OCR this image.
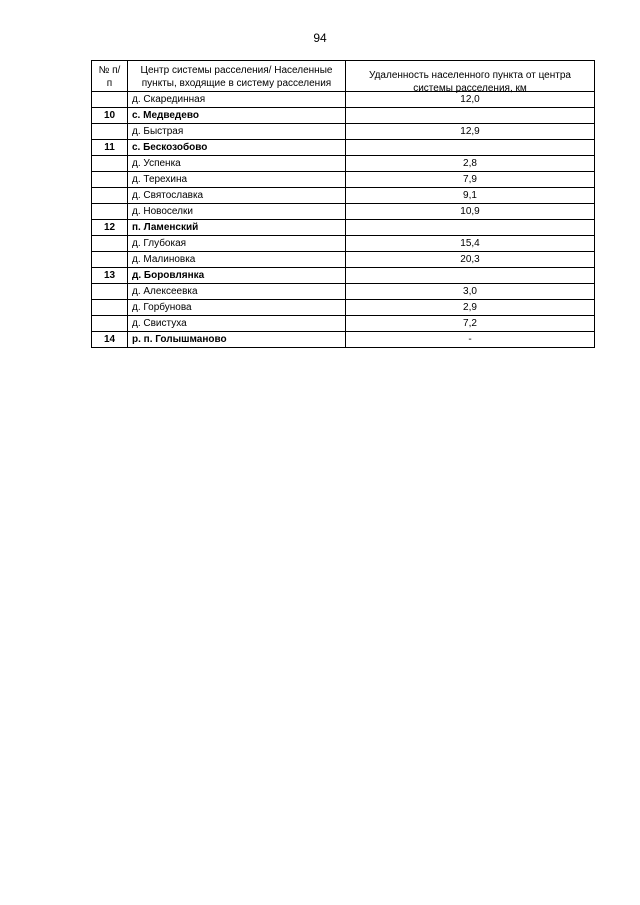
94
№ п/п	Центр системы расселения/ Населенные пункты, входящие в систему расселения	Удаленность населенного пункта от центра системы расселения, км

	д. Скарединная	12,0
10	с. Медведево	
	д. Быстрая	12,9
11	с. Бескозобово	
	д. Успенка	2,8
	д. Терехина	7,9
	д. Святославка	9,1
	д. Новоселки	10,9
12	п. Ламенский	
	д. Глубокая	15,4
	д. Малиновка	20,3
13	д. Боровлянка	
	д. Алексеевка	3,0
	д. Горбунова	2,9
	д. Свистуха	7,2
14	р. п. Голышманово	-
